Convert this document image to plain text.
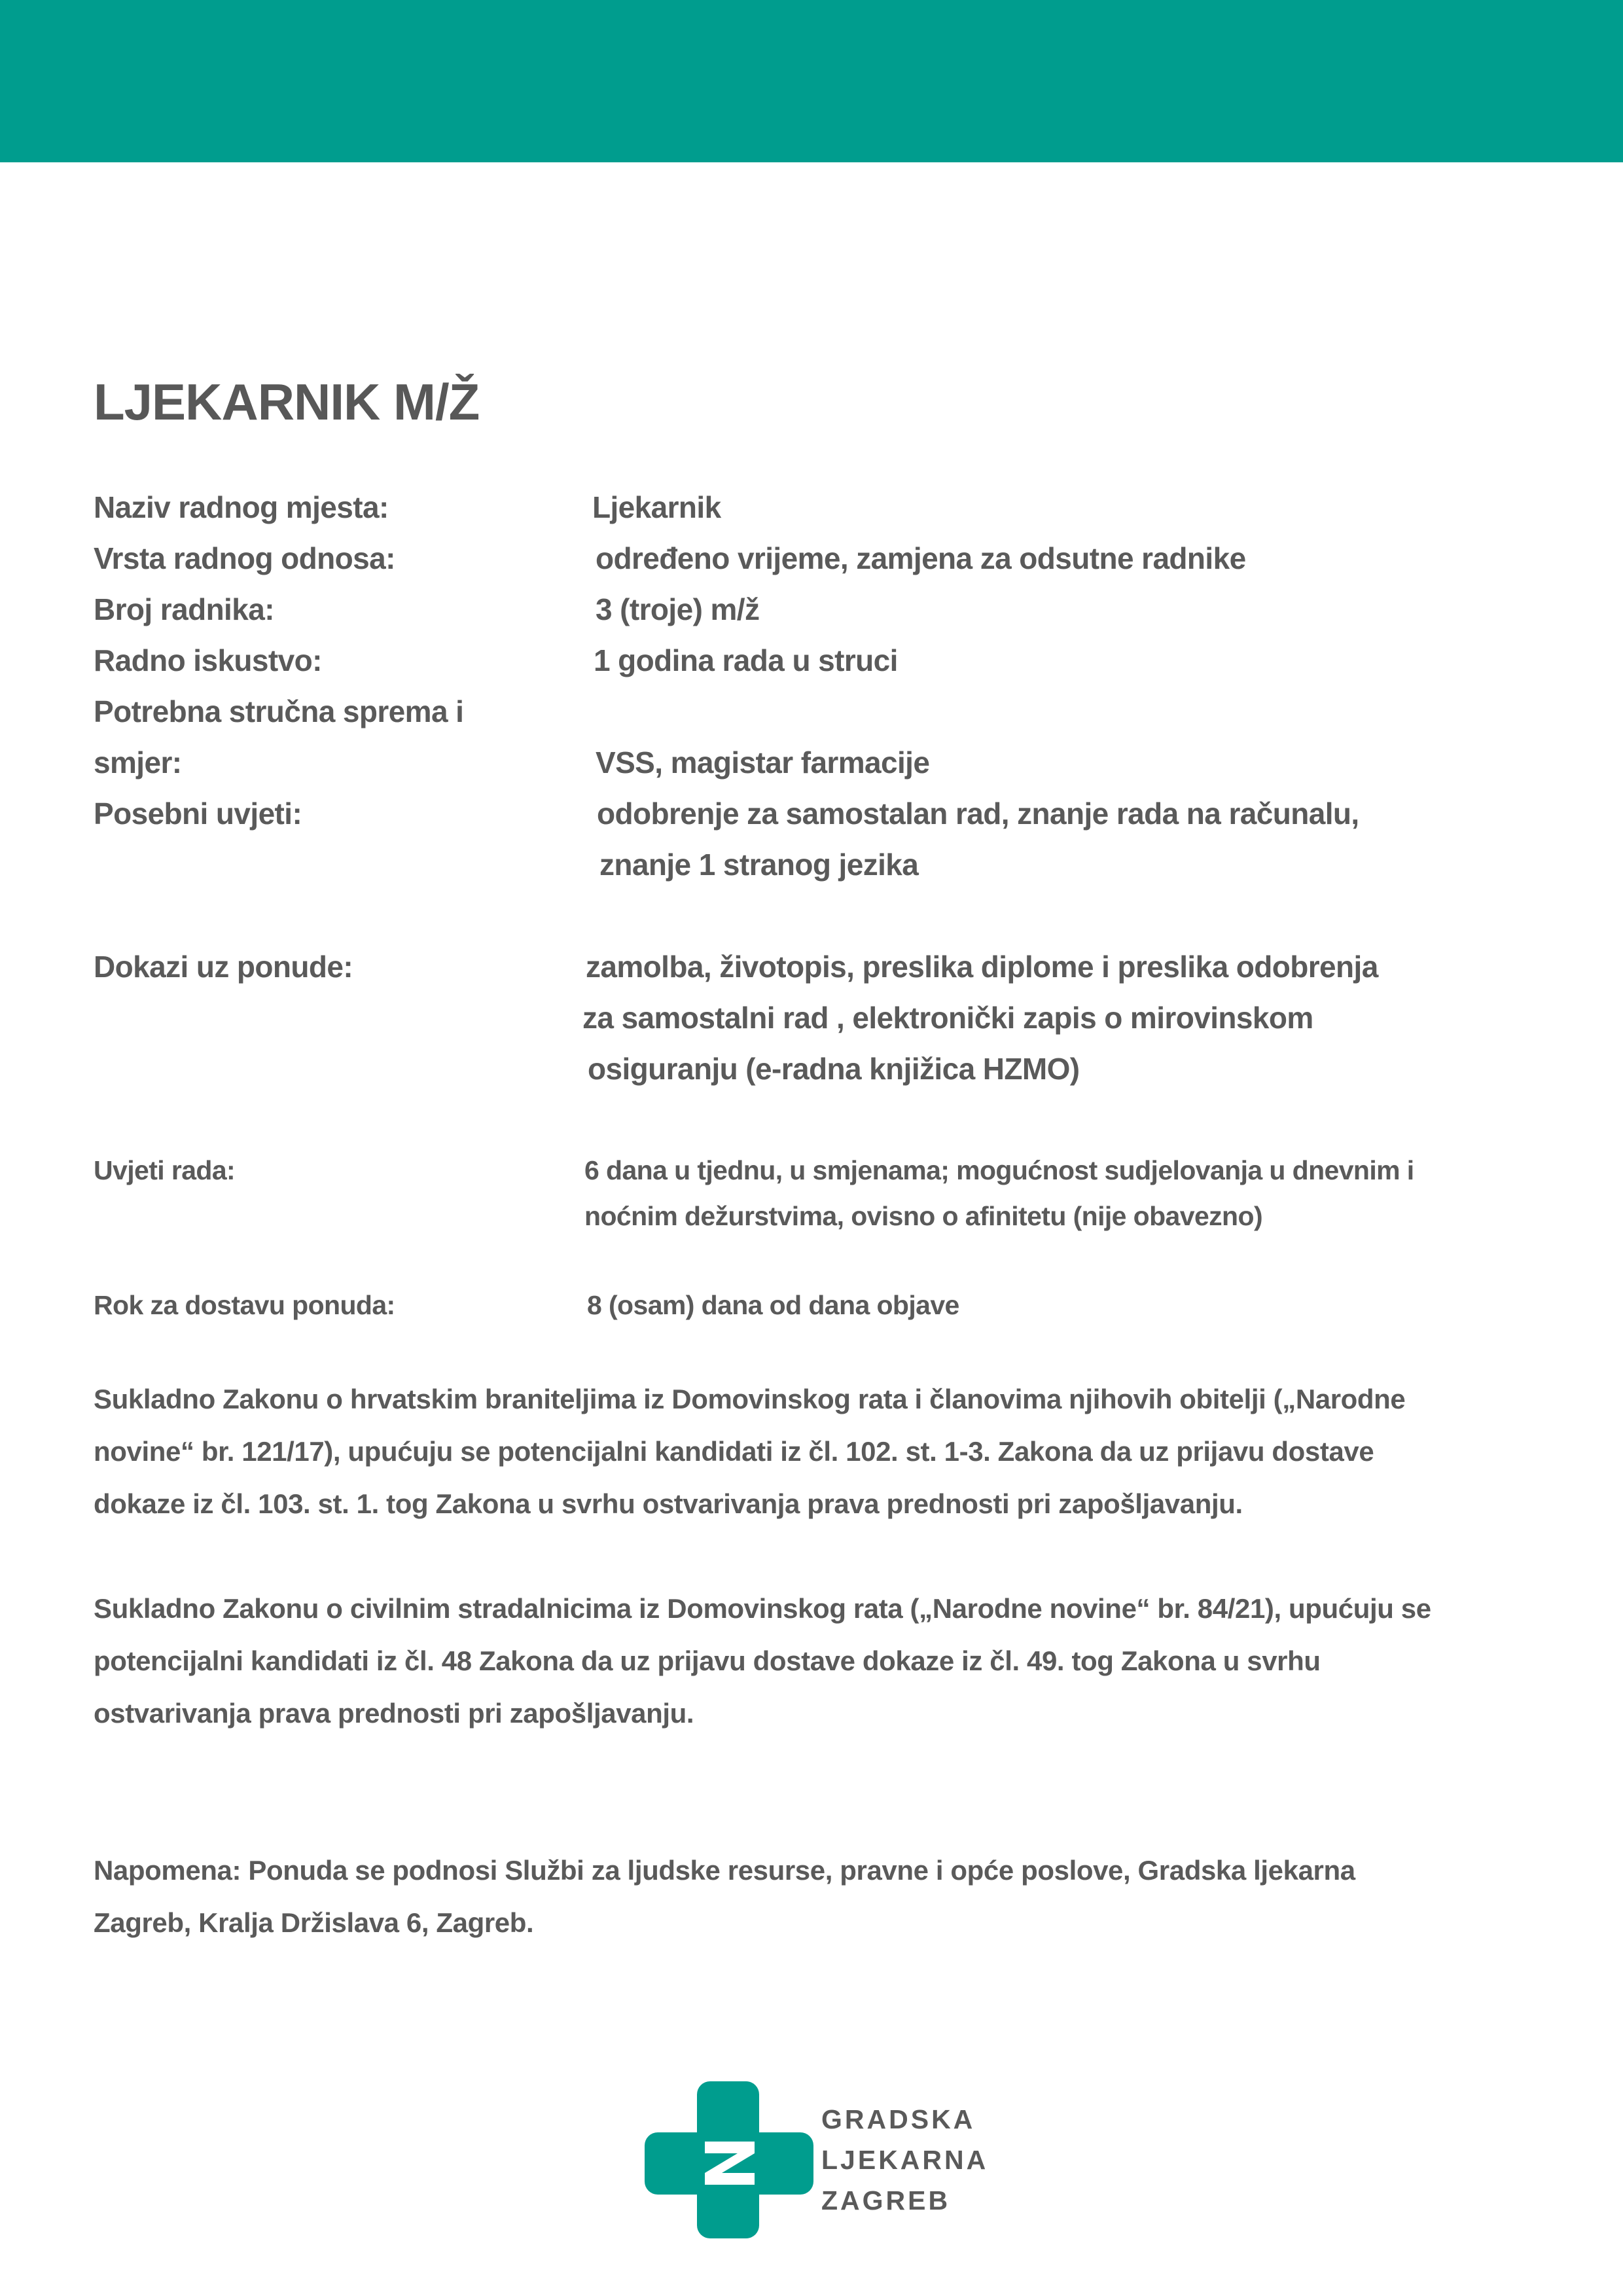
LJEKARNIK M/Ž
Naziv radnog mjesta:	Ljekarnik
Vrsta radnog odnosa:	određeno vrijeme, zamjena za odsutne radnike
Broj radnika:	3 (troje) m/ž
Radno iskustvo:	1 godina rada u struci
Potrebna stručna sprema i
smjer:	VSS, magistar farmacije
Posebni uvjeti:	odobrenje za samostalan rad, znanje rada na računalu,
znanje 1 stranog jezika
Dokazi uz ponude:	zamolba, životopis, preslika diplome i preslika odobrenja
za samostalni rad , elektronički zapis o mirovinskom
osiguranju (e-radna knjižica HZMO)
Uvjeti rada:	6 dana u tjednu, u smjenama; mogućnost sudjelovanja u dnevnim i
noćnim dežurstvima, ovisno o afinitetu (nije obavezno)
Rok za dostavu ponuda:	8 (osam) dana od dana objave

Sukladno Zakonu o hrvatskim braniteljima iz Domovinskog rata i članovima njihovih obitelji („Narodne
novine“ br. 121/17), upućuju se potencijalni kandidati iz čl. 102. st. 1-3. Zakona da uz prijavu dostave
dokaze iz čl. 103. st. 1. tog Zakona u svrhu ostvarivanja prava prednosti pri zapošljavanju.

Sukladno Zakonu o civilnim stradalnicima iz Domovinskog rata („Narodne novine“ br. 84/21), upućuju se
potencijalni kandidati iz čl. 48 Zakona da uz prijavu dostave dokaze iz čl. 49. tog Zakona u svrhu
ostvarivanja prava prednosti pri zapošljavanju.

Napomena: Ponuda se podnosi Službi za ljudske resurse, pravne i opće poslove, Gradska ljekarna
Zagreb, Kralja Držislava 6, Zagreb.

GRADSKA
LJEKARNA
ZAGREB
